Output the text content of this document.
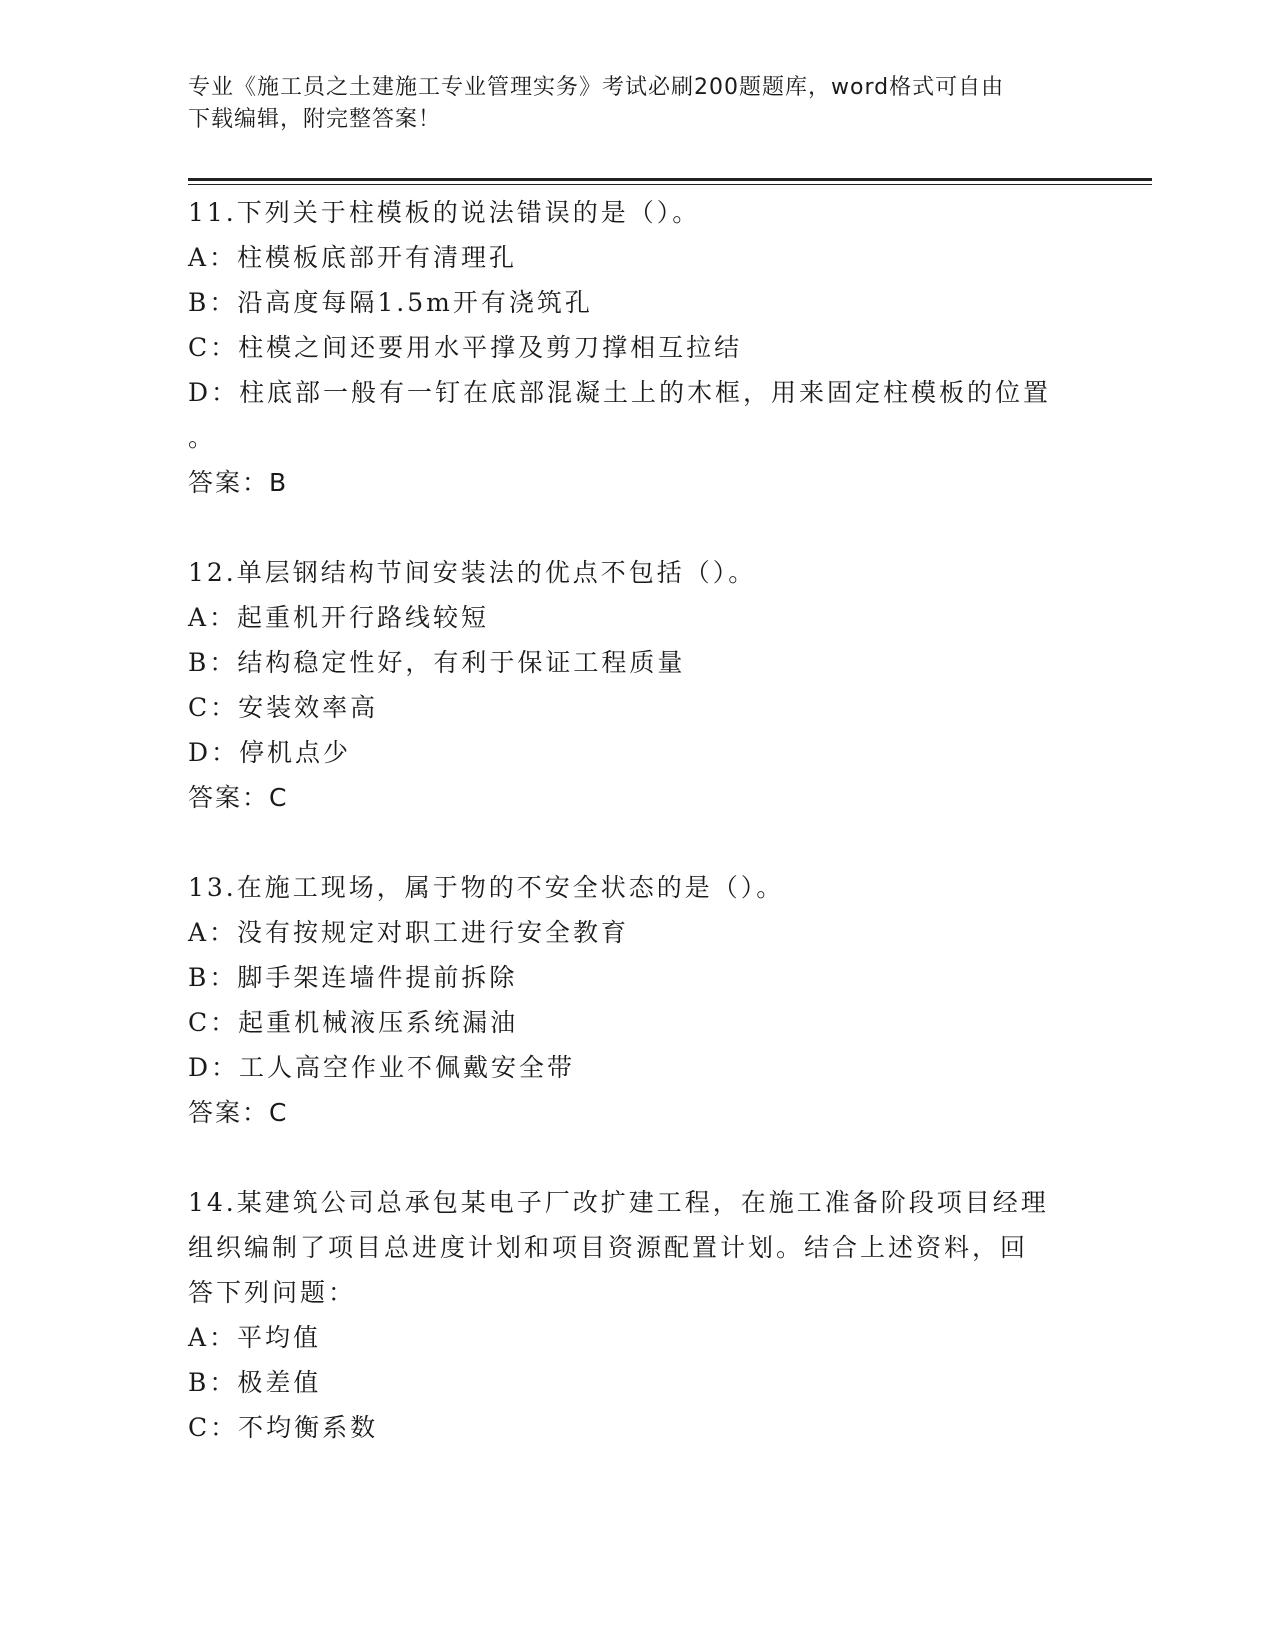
专业《施工员之土建施工专业管理实务》考试必刷200题题库，word格式可自由
下载编辑，附完整答案！
11.下列关于柱模板的说法错误的是（）。
A：柱模板底部开有清理孔
B：沿高度每隔1.5m开有浇筑孔
C：柱模之间还要用水平撑及剪刀撑相互拉结
D：柱底部一般有一钉在底部混凝土上的木框，用来固定柱模板的位置
。
答案：B
12.单层钢结构节间安装法的优点不包括（）。
A：起重机开行路线较短
B：结构稳定性好，有利于保证工程质量
C：安装效率高
D：停机点少
答案：C
13.在施工现场，属于物的不安全状态的是（）。
A：没有按规定对职工进行安全教育
B：脚手架连墙件提前拆除
C：起重机械液压系统漏油
D：工人高空作业不佩戴安全带
答案：C
14.某建筑公司总承包某电子厂改扩建工程，在施工准备阶段项目经理
组织编制了项目总进度计划和项目资源配置计划。结合上述资料，回
答下列问题：
A：平均值
B：极差值
C：不均衡系数
